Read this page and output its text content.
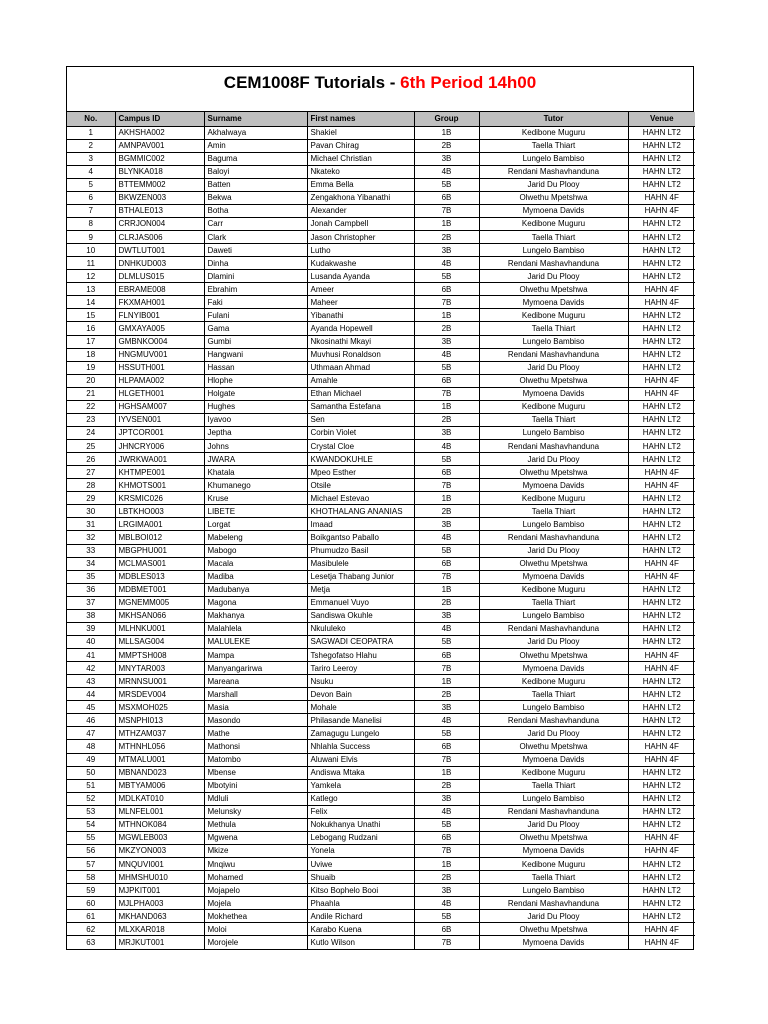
CEM1008F Tutorials - 6th Period 14h00
No.	Campus ID	Surname	First names	Group	Tutor	Venue
1	AKHSHA002	Akhalwaya	Shakiel	1B	Kedibone Muguru	HAHN LT2
2	AMNPAV001	Amin	Pavan Chirag	2B	Taella Thiart	HAHN LT2
3	BGMMIC002	Baguma	Michael Christian	3B	Lungelo Bambiso	HAHN LT2
4	BLYNKA018	Baloyi	Nkateko	4B	Rendani Mashavhanduna	HAHN LT2
5	BTTEMM002	Batten	Emma Bella	5B	Jarid Du Plooy	HAHN LT2
6	BKWZEN003	Bekwa	Zengakhona Yibanathi	6B	Olwethu Mpetshwa	HAHN 4F
7	BTHALE013	Botha	Alexander	7B	Mymoena Davids	HAHN 4F
8	CRRJON004	Carr	Jonah Campbell	1B	Kedibone Muguru	HAHN LT2
9	CLRJAS006	Clark	Jason Christopher	2B	Taella Thiart	HAHN LT2
10	DWTLUT001	Daweti	Lutho	3B	Lungelo Bambiso	HAHN LT2
11	DNHKUD003	Dinha	Kudakwashe	4B	Rendani Mashavhanduna	HAHN LT2
12	DLMLUS015	Dlamini	Lusanda Ayanda	5B	Jarid Du Plooy	HAHN LT2
13	EBRAME008	Ebrahim	Ameer	6B	Olwethu Mpetshwa	HAHN 4F
14	FKXMAH001	Faki	Maheer	7B	Mymoena Davids	HAHN 4F
15	FLNYIB001	Fulani	Yibanathi	1B	Kedibone Muguru	HAHN LT2
16	GMXAYA005	Gama	Ayanda Hopewell	2B	Taella Thiart	HAHN LT2
17	GMBNKO004	Gumbi	Nkosinathi Mkayi	3B	Lungelo Bambiso	HAHN LT2
18	HNGMUV001	Hangwani	Muvhusi Ronaldson	4B	Rendani Mashavhanduna	HAHN LT2
19	HSSUTH001	Hassan	Uthmaan Ahmad	5B	Jarid Du Plooy	HAHN LT2
20	HLPAMA002	Hlophe	Amahle	6B	Olwethu Mpetshwa	HAHN 4F
21	HLGETH001	Holgate	Ethan Michael	7B	Mymoena Davids	HAHN 4F
22	HGHSAM007	Hughes	Samantha Estefana	1B	Kedibone Muguru	HAHN LT2
23	IYVSEN001	Iyavoo	Sen	2B	Taella Thiart	HAHN LT2
24	JPTCOR001	Jeptha	Corbin Violet	3B	Lungelo Bambiso	HAHN LT2
25	JHNCRY006	Johns	Crystal Cloe	4B	Rendani Mashavhanduna	HAHN LT2
26	JWRKWA001	JWARA	KWANDOKUHLE	5B	Jarid Du Plooy	HAHN LT2
27	KHTMPE001	Khatala	Mpeo Esther	6B	Olwethu Mpetshwa	HAHN 4F
28	KHMOTS001	Khumanego	Otsile	7B	Mymoena Davids	HAHN 4F
29	KRSMIC026	Kruse	Michael Estevao	1B	Kedibone Muguru	HAHN LT2
30	LBTKHO003	LIBETE	KHOTHALANG ANANIAS	2B	Taella Thiart	HAHN LT2
31	LRGIMA001	Lorgat	Imaad	3B	Lungelo Bambiso	HAHN LT2
32	MBLBOI012	Mabeleng	Boikgantso Paballo	4B	Rendani Mashavhanduna	HAHN LT2
33	MBGPHU001	Mabogo	Phumudzo Basil	5B	Jarid Du Plooy	HAHN LT2
34	MCLMAS001	Macala	Masibulele	6B	Olwethu Mpetshwa	HAHN 4F
35	MDBLES013	Madiba	Lesetja Thabang Junior	7B	Mymoena Davids	HAHN 4F
36	MDBMET001	Madubanya	Metja	1B	Kedibone Muguru	HAHN LT2
37	MGNEMM005	Magona	Emmanuel Vuyo	2B	Taella Thiart	HAHN LT2
38	MKHSAN066	Makhanya	Sandiswa Okuhle	3B	Lungelo Bambiso	HAHN LT2
39	MLHNKU001	Malahlela	Nkululeko	4B	Rendani Mashavhanduna	HAHN LT2
40	MLLSAG004	MALULEKE	SAGWADI CEOPATRA	5B	Jarid Du Plooy	HAHN LT2
41	MMPTSH008	Mampa	Tshegofatso Hlahu	6B	Olwethu Mpetshwa	HAHN 4F
42	MNYTAR003	Manyangarirwa	Tariro Leeroy	7B	Mymoena Davids	HAHN 4F
43	MRNNSU001	Mareana	Nsuku	1B	Kedibone Muguru	HAHN LT2
44	MRSDEV004	Marshall	Devon Bain	2B	Taella Thiart	HAHN LT2
45	MSXMOH025	Masia	Mohale	3B	Lungelo Bambiso	HAHN LT2
46	MSNPHI013	Masondo	Philasande Manelisi	4B	Rendani Mashavhanduna	HAHN LT2
47	MTHZAM037	Mathe	Zamagugu Lungelo	5B	Jarid Du Plooy	HAHN LT2
48	MTHNHL056	Mathonsi	Nhlahla Success	6B	Olwethu Mpetshwa	HAHN 4F
49	MTMALU001	Matombo	Aluwani Elvis	7B	Mymoena Davids	HAHN 4F
50	MBNAND023	Mbense	Andiswa Mtaka	1B	Kedibone Muguru	HAHN LT2
51	MBTYAM006	Mbotyini	Yamkela	2B	Taella Thiart	HAHN LT2
52	MDLKAT010	Mdluli	Katlego	3B	Lungelo Bambiso	HAHN LT2
53	MLNFEL001	Melunsky	Felix	4B	Rendani Mashavhanduna	HAHN LT2
54	MTHNOK084	Methula	Nokukhanya Unathi	5B	Jarid Du Plooy	HAHN LT2
55	MGWLEB003	Mgwena	Lebogang Rudzani	6B	Olwethu Mpetshwa	HAHN 4F
56	MKZYON003	Mkize	Yonela	7B	Mymoena Davids	HAHN 4F
57	MNQUVI001	Mnqiwu	Uviwe	1B	Kedibone Muguru	HAHN LT2
58	MHMSHU010	Mohamed	Shuaib	2B	Taella Thiart	HAHN LT2
59	MJPKIT001	Mojapelo	Kitso Bophelo Booi	3B	Lungelo Bambiso	HAHN LT2
60	MJLPHA003	Mojela	Phaahla	4B	Rendani Mashavhanduna	HAHN LT2
61	MKHAND063	Mokhethea	Andile Richard	5B	Jarid Du Plooy	HAHN LT2
62	MLXKAR018	Moloi	Karabo Kuena	6B	Olwethu Mpetshwa	HAHN 4F
63	MRJKUT001	Morojele	Kutlo Wilson	7B	Mymoena Davids	HAHN 4F
